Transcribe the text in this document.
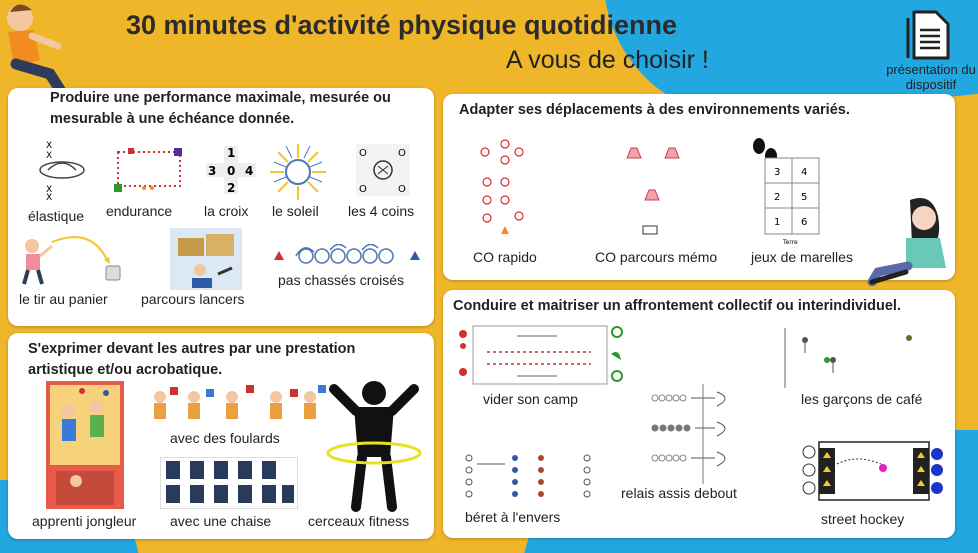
30 minutes d'activité physique quotidienne
A vous de choisir !	présentation du dispositif
Produire une performance maximale, mesurée ou mesurable à une échéance donnée.
X
X
X
X
élastique endurance
1
3 0 4
2
la croix le soleil
O	O
O	O
les 4 coins
le tir au panier parcours lancers
pas chassés croisés
S'exprimer devant les autres par une prestation artistique et/ou acrobatique.
apprenti jongleur
avec des foulards
avec une chaise	cerceaux fitness
Adapter ses déplacements à des environnements variés.
CO rapido	CO parcours mémo
3 4
2 5
1 6
Terre
jeux de marelles
Conduire et maitriser un affrontement collectif ou interindividuel.
vider son camp	les garçons de café
relais assis debout
béret à l'envers	street hockey
